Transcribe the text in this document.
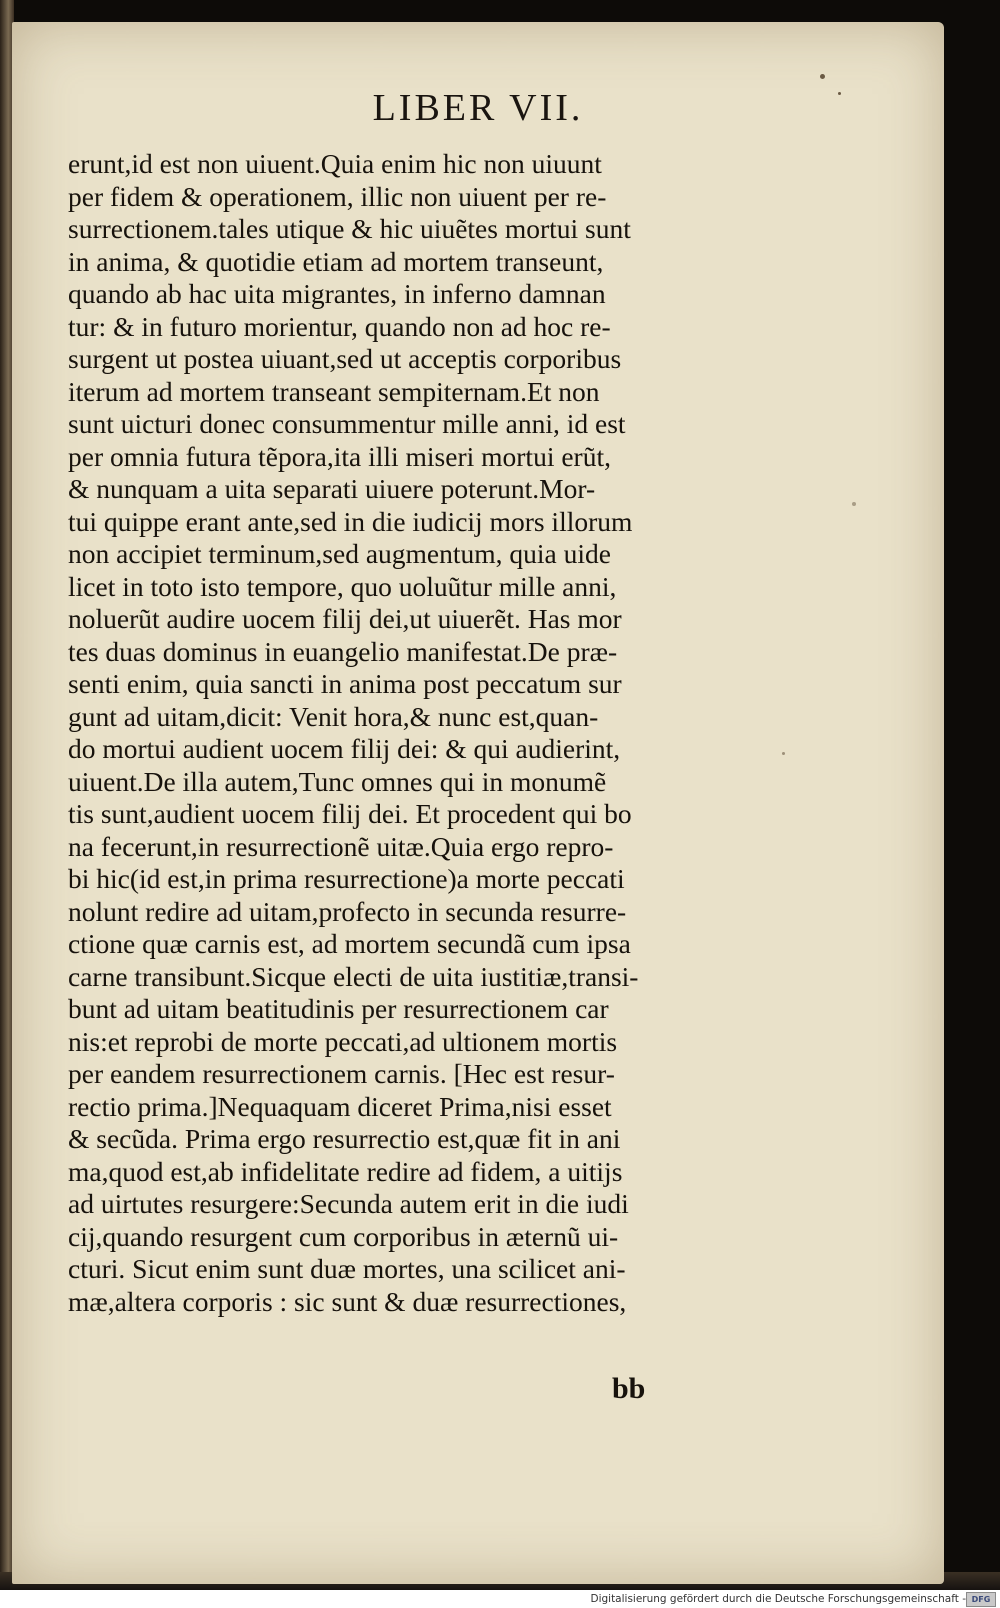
LIBER VII.
erunt,id est non uiuent.Quia enim hic non uiuunt
per fidem & operationem, illic non uiuent per re-
surrectionem.tales utique & hic uiuẽtes mortui sunt
in anima, & quotidie etiam ad mortem transeunt,
quando ab hac uita migrantes, in inferno damnan
tur: & in futuro morientur, quando non ad hoc re-
surgent ut postea uiuant,sed ut acceptis corporibus
iterum ad mortem transeant sempiternam.Et non
sunt uicturi donec consummentur mille anni, id est
per omnia futura tẽpora,ita illi miseri mortui erũt,
& nunquam a uita separati uiuere poterunt.Mor-
tui quippe erant ante,sed in die iudicij mors illorum
non accipiet terminum,sed augmentum, quia uide
licet in toto isto tempore, quo uoluũtur mille anni,
noluerũt audire uocem filij dei,ut uiuerẽt. Has mor
tes duas dominus in euangelio manifestat.De præ-
senti enim, quia sancti in anima post peccatum sur
gunt ad uitam,dicit: Venit hora,& nunc est,quan-
do mortui audient uocem filij dei: & qui audierint,
uiuent.De illa autem,Tunc omnes qui in monumẽ
tis sunt,audient uocem filij dei. Et procedent qui bo
na fecerunt,in resurrectionẽ uitæ.Quia ergo repro-
bi hic(id est,in prima resurrectione)a morte peccati
nolunt redire ad uitam,profecto in secunda resurre-
ctione quæ carnis est, ad mortem secundã cum ipsa
carne transibunt.Sicque electi de uita iustitiæ,transi-
bunt ad uitam beatitudinis per resurrectionem car
nis:et reprobi de morte peccati,ad ultionem mortis
per eandem resurrectionem carnis. [Hec est resur-
rectio prima.]Nequaquam diceret Prima,nisi esset
& secũda. Prima ergo resurrectio est,quæ fit in ani
ma,quod est,ab infidelitate redire ad fidem, a uitijs
ad uirtutes resurgere:Secunda autem erit in die iudi
cij,quando resurgent cum corporibus in æternũ ui-
cturi. Sicut enim sunt duæ mortes, una scilicet ani-
mæ,altera corporis : sic sunt & duæ resurrectiones,
bb
Digitalisierung gefördert durch die Deutsche Forschungsgemeinschaft - DFG
